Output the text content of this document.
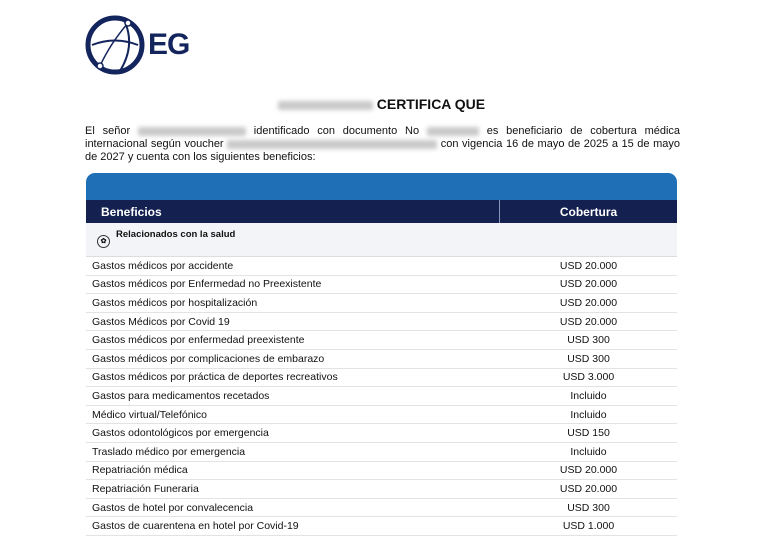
EG
CERTIFICA QUE
El señor	identificado con documento No	es beneficiario de cobertura médica internacional según voucher	con vigencia 16 de mayo de 2025 a 15 de mayo de 2027 y cuenta con los siguientes beneficios:
Beneficios	Cobertura
✿
Relacionados con la salud
Gastos médicos por accidente	USD 20.000
Gastos médicos por Enfermedad no Preexistente	USD 20.000
Gastos médicos por hospitalización	USD 20.000
Gastos Médicos por Covid 19	USD 20.000
Gastos médicos por enfermedad preexistente	USD 300
Gastos médicos por complicaciones de embarazo	USD 300
Gastos médicos por práctica de deportes recreativos	USD 3.000
Gastos para medicamentos recetados	Incluido
Médico virtual/Telefónico	Incluido
Gastos odontológicos por emergencia	USD 150
Traslado médico por emergencia	Incluido
Repatriación médica	USD 20.000
Repatriación Funeraria	USD 20.000
Gastos de hotel por convalecencia	USD 300
Gastos de cuarentena en hotel por Covid-19	USD 1.000
